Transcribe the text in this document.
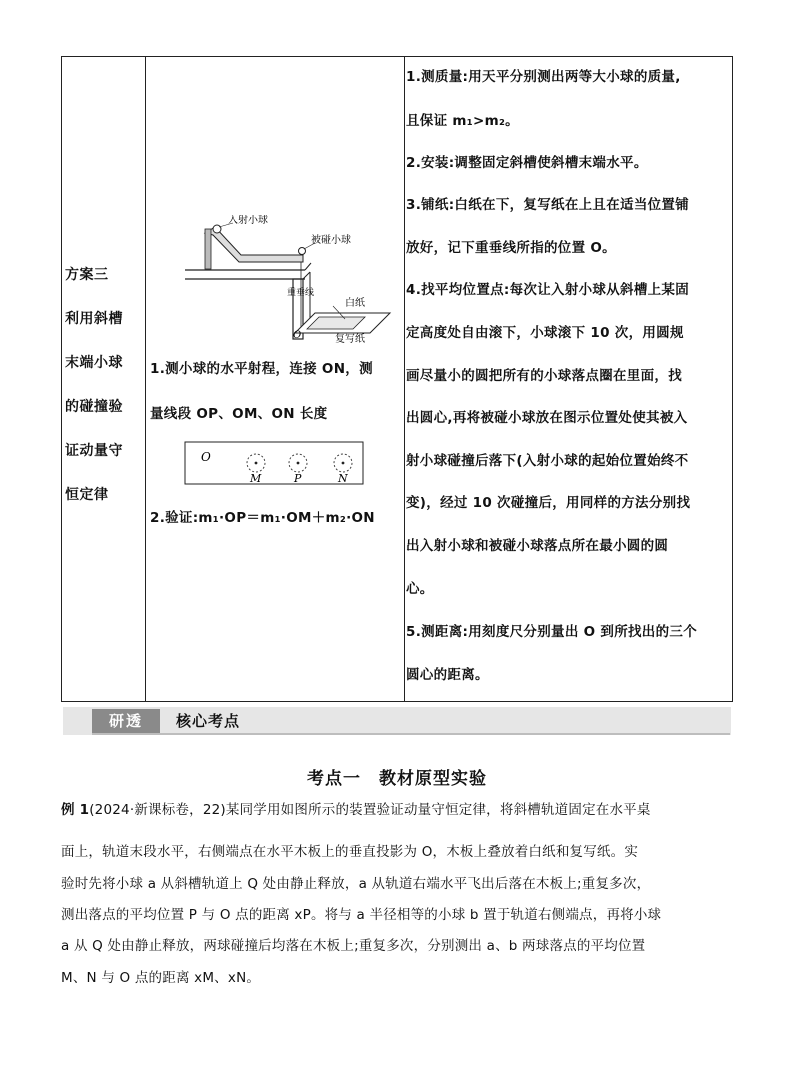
方案三
利用斜槽
末端小球
的碰撞验
证动量守
恒定律
入射小球
被碰小球
白纸
复写纸
O
重垂线
1.测小球的水平射程，连接 ON，测
量线段 OP、OM、ON 长度
O
M	P	N
2.验证:m₁·OP＝m₁·OM＋m₂·ON
1.测质量:用天平分别测出两等大小球的质量,
且保证 m₁>m₂。
2.安装:调整固定斜槽使斜槽末端水平。
3.铺纸:白纸在下，复写纸在上且在适当位置铺
放好，记下重垂线所指的位置 O。
4.找平均位置点:每次让入射小球从斜槽上某固
定高度处自由滚下，小球滚下 10 次，用圆规
画尽量小的圆把所有的小球落点圈在里面，找
出圆心,再将被碰小球放在图示位置处使其被入
射小球碰撞后落下(入射小球的起始位置始终不
变)，经过 10 次碰撞后，用同样的方法分别找
出入射小球和被碰小球落点所在最小圆的圆
心。
5.测距离:用刻度尺分别量出 O 到所找出的三个
圆心的距离。
研透	核心考点
考点一　教材原型实验
例 1(2024·新课标卷，22)某同学用如图所示的装置验证动量守恒定律，将斜槽轨道固定在水平桌
面上，轨道末段水平，右侧端点在水平木板上的垂直投影为 O，木板上叠放着白纸和复写纸。实
验时先将小球 a 从斜槽轨道上 Q 处由静止释放，a 从轨道右端水平飞出后落在木板上;重复多次，
测出落点的平均位置 P 与 O 点的距离 xP。将与 a 半径相等的小球 b 置于轨道右侧端点，再将小球
a 从 Q 处由静止释放，两球碰撞后均落在木板上;重复多次，分别测出 a、b 两球落点的平均位置
M、N 与 O 点的距离 xM、xN。
